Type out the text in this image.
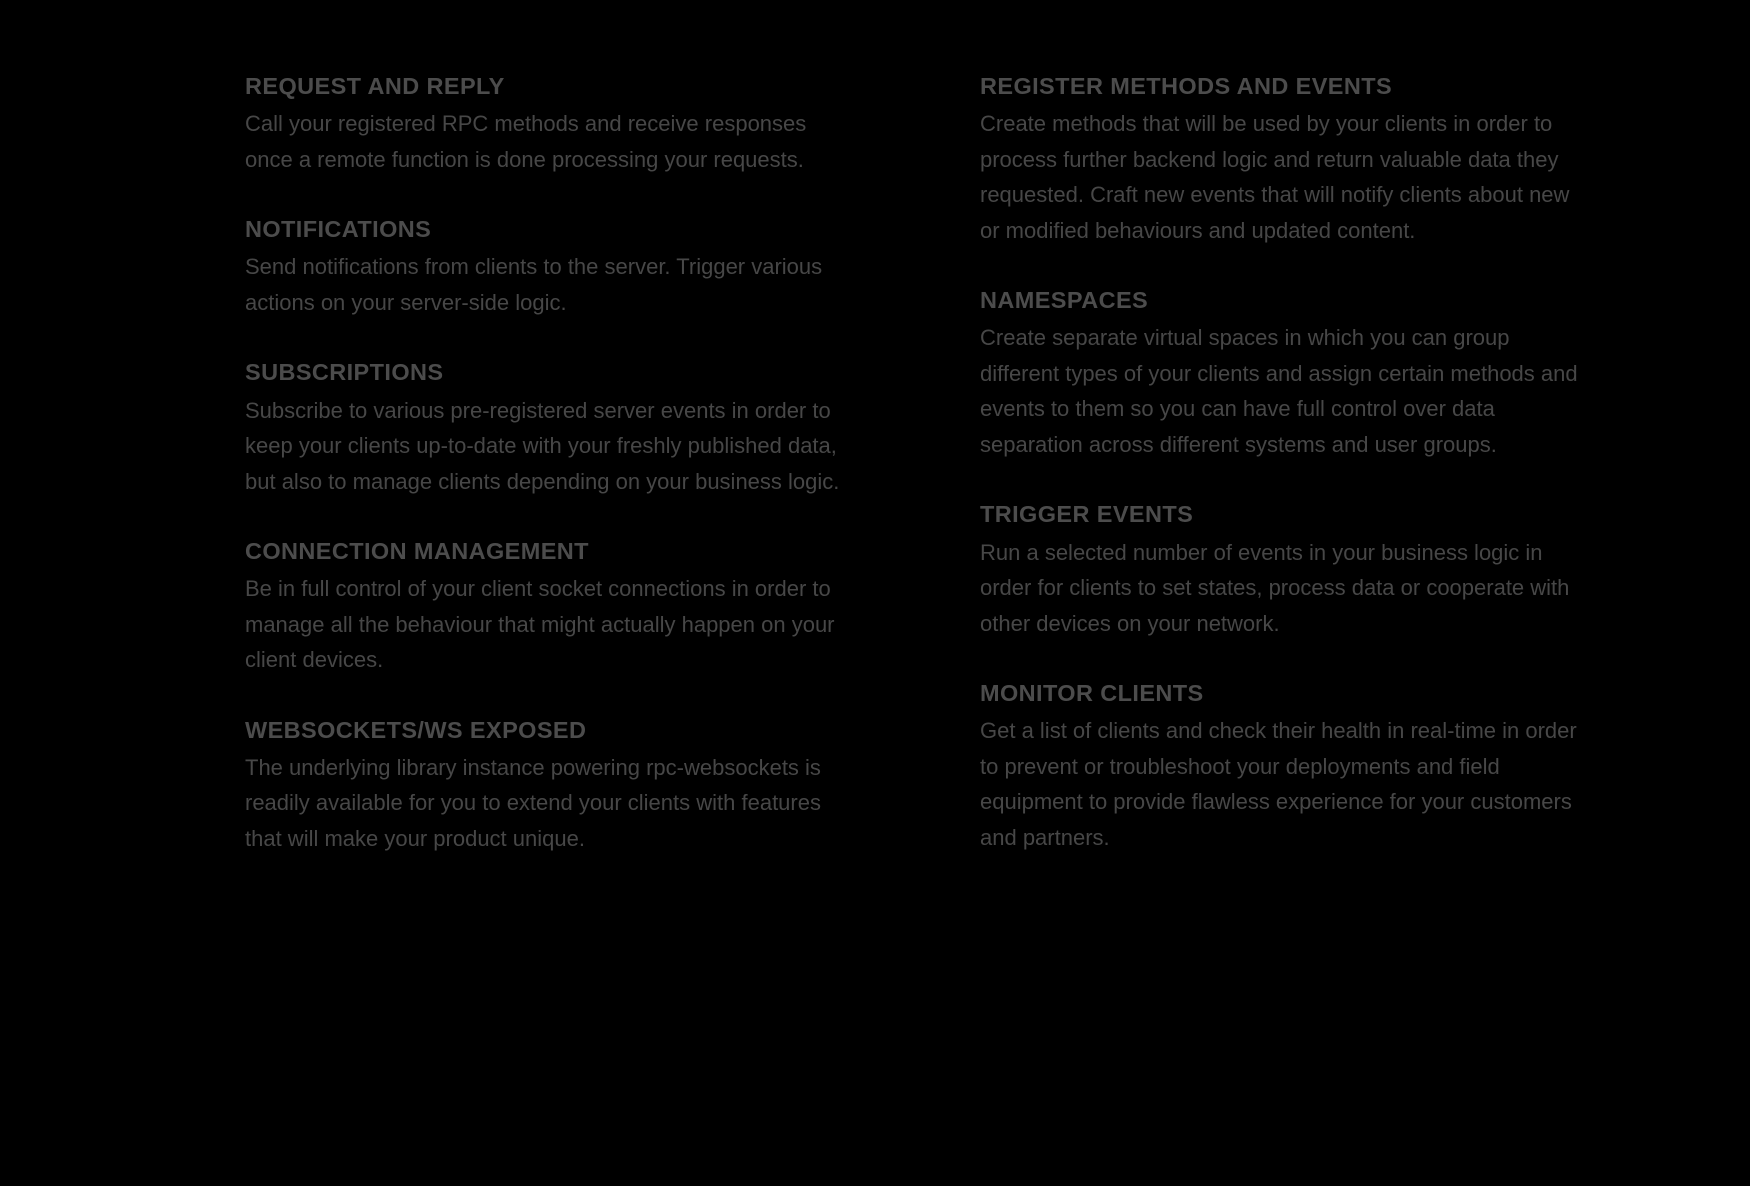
REQUEST AND REPLY

Call your registered RPC methods and receive responses once a remote function is done processing your requests.

NOTIFICATIONS

Send notifications from clients to the server. Trigger various actions on your server-side logic.

SUBSCRIPTIONS

Subscribe to various pre-registered server events in order to keep your clients up-to-date with your freshly published data, but also to manage clients depending on your business logic.

CONNECTION MANAGEMENT

Be in full control of your client socket connections in order to manage all the behaviour that might actually happen on your client devices.

WEBSOCKETS/WS EXPOSED

The underlying library instance powering rpc-websockets is readily available for you to extend your clients with features that will make your product unique.

REGISTER METHODS AND EVENTS

Create methods that will be used by your clients in order to process further backend logic and return valuable data they requested. Craft new events that will notify clients about new or modified behaviours and updated content.

NAMESPACES

Create separate virtual spaces in which you can group different types of your clients and assign certain methods and events to them so you can have full control over data separation across different systems and user groups.

TRIGGER EVENTS

Run a selected number of events in your business logic in order for clients to set states, process data or cooperate with other devices on your network.

MONITOR CLIENTS

Get a list of clients and check their health in real-time in order to prevent or troubleshoot your deployments and field equipment to provide flawless experience for your customers and partners.
